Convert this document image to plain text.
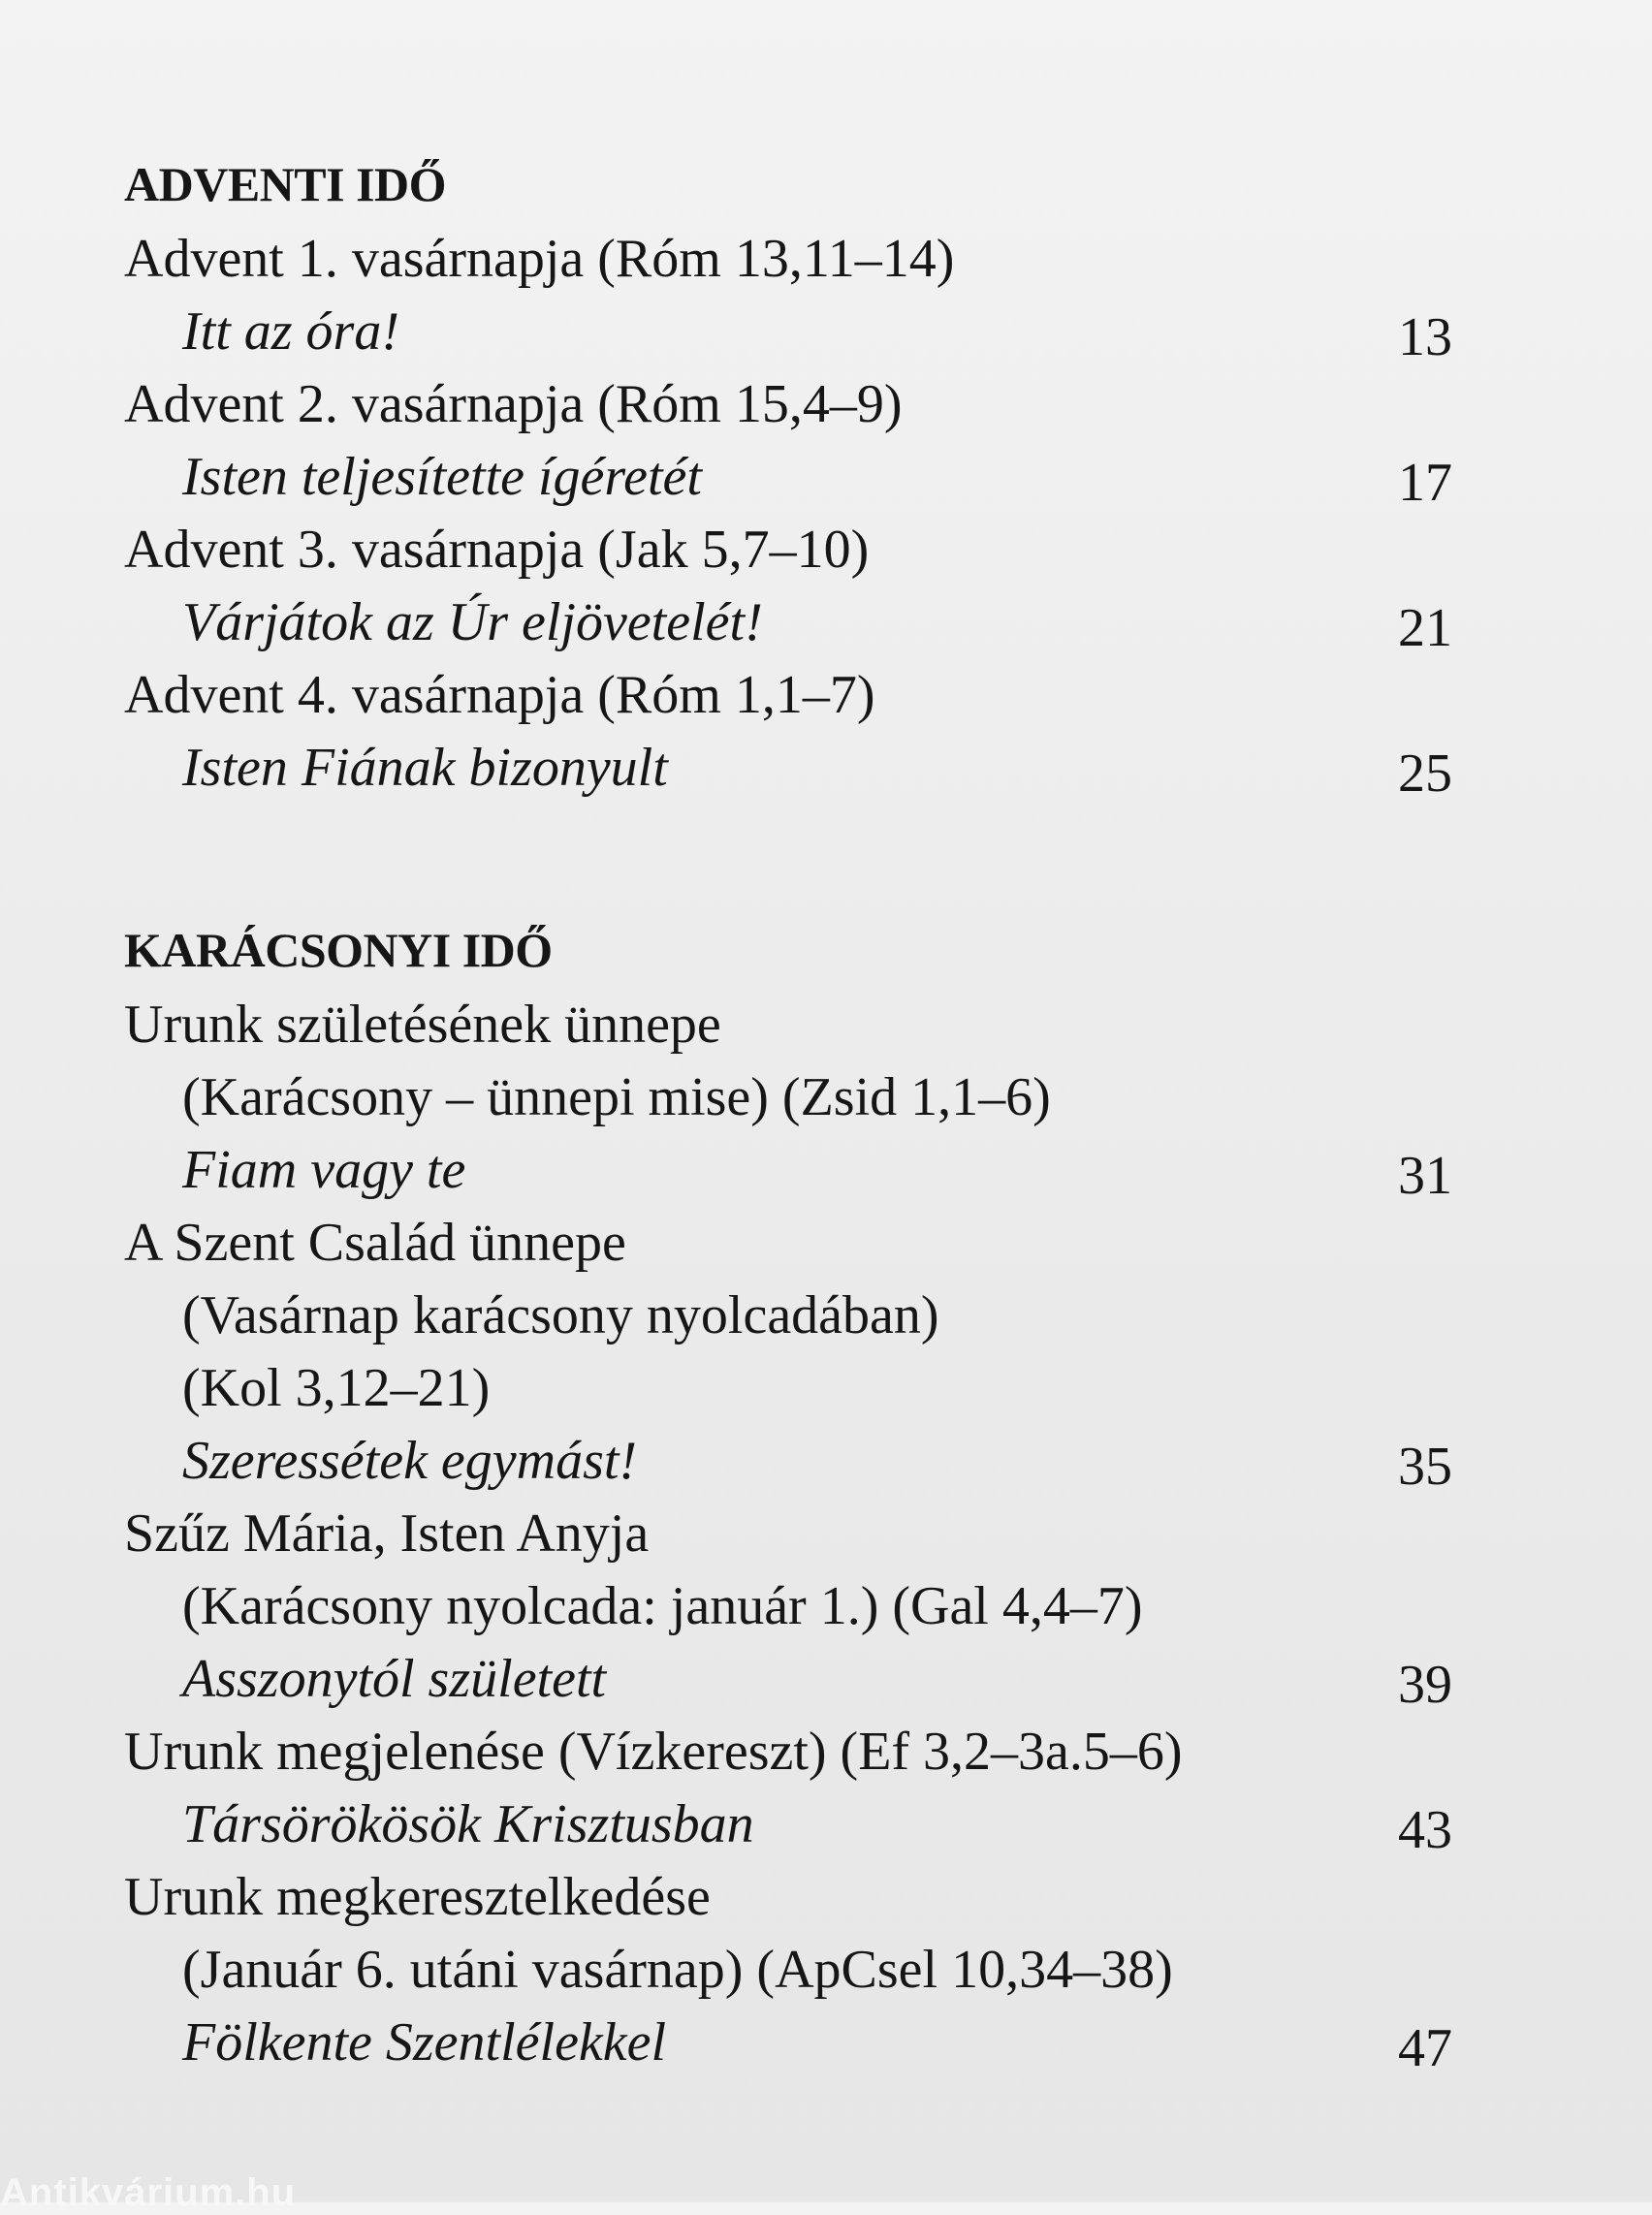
ADVENTI IDŐ
Advent 1. vasárnapja (Róm 13,11–14)
Itt az óra!	13
Advent 2. vasárnapja (Róm 15,4–9)
Isten teljesítette ígéretét	17
Advent 3. vasárnapja (Jak 5,7–10)
Várjátok az Úr eljövetelét!	21
Advent 4. vasárnapja (Róm 1,1–7)
Isten Fiának bizonyult	25
KARÁCSONYI IDŐ
Urunk születésének ünnepe
(Karácsony – ünnepi mise) (Zsid 1,1–6)
Fiam vagy te	31
A Szent Család ünnepe
(Vasárnap karácsony nyolcadában)
(Kol 3,12–21)
Szeressétek egymást!	35
Szűz Mária, Isten Anyja
(Karácsony nyolcada: január 1.) (Gal 4,4–7)
Asszonytól született	39
Urunk megjelenése (Vízkereszt) (Ef 3,2–3a.5–6)
Társörökösök Krisztusban	43
Urunk megkeresztelkedése
(Január 6. utáni vasárnap) (ApCsel 10,34–38)
Fölkente Szentlélekkel	47
Antikvárium.hu
